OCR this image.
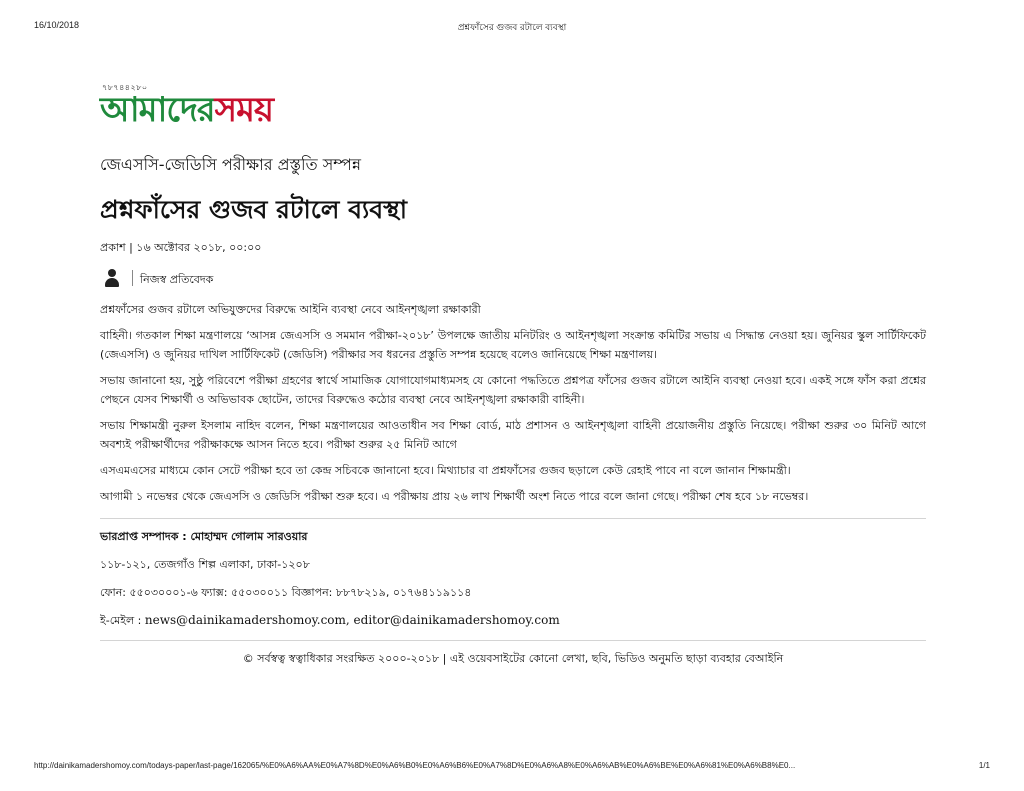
16/10/2018	প্রশ্নফাঁসের গুজব রটালে ব্যবস্থা
৭৮৭৪৪২৮০
আমাদেরসময়
জেএসসি-জেডিসি পরীক্ষার প্রস্তুতি সম্পন্ন
প্রশ্নফাঁসের গুজব রটালে ব্যবস্থা
প্রকাশ | ১৬ অক্টোবর ২০১৮, ০০:০০
নিজস্ব প্রতিবেদক

প্রশ্নফাঁসের গুজব রটালে অভিযুক্তদের বিরুদ্ধে আইনি ব্যবস্থা নেবে আইনশৃঙ্খলা রক্ষাকারী

বাহিনী। গতকাল শিক্ষা মন্ত্রণালয়ে ‘আসন্ন জেএসসি ও সমমান পরীক্ষা-২০১৮’ উপলক্ষে জাতীয় মনিটরিং ও আইনশৃঙ্খলা সংক্রান্ত কমিটির সভায় এ সিদ্ধান্ত নেওয়া হয়। জুনিয়র স্কুল সার্টিফিকেট (জেএসসি) ও জুনিয়র দাখিল সার্টিফিকেট (জেডিসি) পরীক্ষার সব ধরনের প্রস্তুতি সম্পন্ন হয়েছে বলেও জানিয়েছে শিক্ষা মন্ত্রণালয়।

সভায় জানানো হয়, সুষ্ঠু পরিবেশে পরীক্ষা গ্রহণের স্বার্থে সামাজিক যোগাযোগমাধ্যমসহ যে কোনো পদ্ধতিতে প্রশ্নপত্র ফাঁসের গুজব রটালে আইনি ব্যবস্থা নেওয়া হবে। একই সঙ্গে ফাঁস করা প্রশ্নের পেছনে যেসব শিক্ষার্থী ও অভিভাবক ছোটেন, তাদের বিরুদ্ধেও কঠোর ব্যবস্থা নেবে আইনশৃঙ্খলা রক্ষাকারী বাহিনী।

সভায় শিক্ষামন্ত্রী নুরুল ইসলাম নাহিদ বলেন, শিক্ষা মন্ত্রণালয়ের আওতাধীন সব শিক্ষা বোর্ড, মাঠ প্রশাসন ও আইনশৃঙ্খলা বাহিনী প্রয়োজনীয় প্রস্তুতি নিয়েছে। পরীক্ষা শুরুর ৩০ মিনিট আগে অবশ্যই পরীক্ষার্থীদের পরীক্ষাকক্ষে আসন নিতে হবে। পরীক্ষা শুরুর ২৫ মিনিট আগে

এসএমএসের মাধ্যমে কোন সেটে পরীক্ষা হবে তা কেন্দ্র সচিবকে জানানো হবে। মিথ্যাচার বা প্রশ্নফাঁসের গুজব ছড়ালে কেউ রেহাই পাবে না বলে জানান শিক্ষামন্ত্রী।

আগামী ১ নভেম্বর থেকে জেএসসি ও জেডিসি পরীক্ষা শুরু হবে। এ পরীক্ষায় প্রায় ২৬ লাখ শিক্ষার্থী অংশ নিতে পারে বলে জানা গেছে। পরীক্ষা শেষ হবে ১৮ নভেম্বর।

ভারপ্রাপ্ত সম্পাদক : মোহাম্মদ গোলাম সারওয়ার

১১৮-১২১, তেজগাঁও শিল্প এলাকা, ঢাকা-১২০৮

ফোন: ৫৫০৩০০০১-৬ ফ্যাক্স: ৫৫০৩০০১১ বিজ্ঞাপন: ৮৮৭৮২১৯, ০১৭৬৪১১৯১১৪

ই-মেইল : news@dainikamadershomoy.com, editor@dainikamadershomoy.com

© সর্বস্বত্ব স্বত্বাধিকার সংরক্ষিত ২০০০-২০১৮ | এই ওয়েবসাইটের কোনো লেখা, ছবি, ভিডিও অনুমতি ছাড়া ব্যবহার বেআইনি
http://dainikamadershomoy.com/todays-paper/last-page/162065/%E0%A6%AA%E0%A7%8D%E0%A6%B0%E0%A6%B6%E0%A7%8D%E0%A6%A8%E0%A6%AB%E0%A6%BE%E0%A6%81%E0%A6%B8%E0...	1/1
